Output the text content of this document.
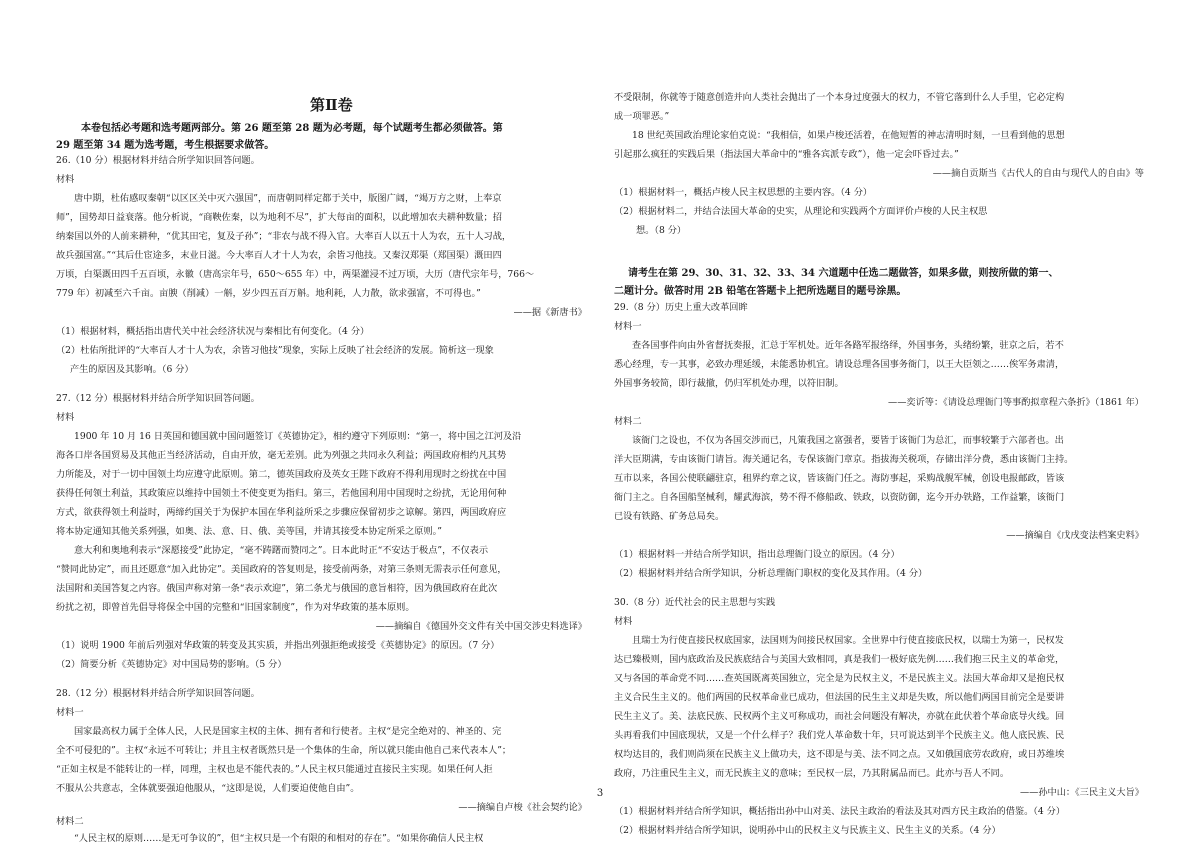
第Ⅱ卷
本卷包括必考题和选考题两部分。第 26 题至第 28 题为必考题，每个试题考生都必须做答。第
29 题至第 34 题为选考题，考生根据要求做答。
26.（10 分）根据材料并结合所学知识回答问题。
材料
唐中期，杜佑感叹秦朝“以区区关中灭六强国”，而唐朝同样定都于关中，版图广阔，“竭万方之财，上奉京
师”，国势却日益衰落。他分析说，“商鞅佐秦，以为地利不尽”，扩大每亩的面积，以此增加农夫耕种数量；招
纳秦国以外的人前来耕种，“优其田宅，复及子孙”；“非农与战不得入官。大率百人以五十人为农，五十人习战，
故兵强国富。”“其后仕宦途多，末业日滋。今大率百人才十人为农，余皆习他技。又秦汉郑渠（郑国渠）溉田四
万顷，白渠溉田四千五百顷，永徽（唐高宗年号，650～655 年）中，两渠灌浸不过万顷，大历（唐代宗年号，766～
779 年）初减至六千亩。亩腴（削减）一斛，岁少四五百万斛。地利耗，人力散，欲求强富，不可得也。”
——据《新唐书》
（1）根据材料，概括指出唐代关中社会经济状况与秦相比有何变化。（4 分）
（2）杜佑所批评的“大率百人才十人为农，余皆习他技”现象，实际上反映了社会经济的发展。简析这一现象
产生的原因及其影响。（6 分）
27.（12 分）根据材料并结合所学知识回答问题。
材料
1900 年 10 月 16 日英国和德国就中国问题签订《英德协定》，相约遵守下列原则：“第一，将中国之江河及沿
海各口岸各国贸易及其他正当经济活动，自由开放，毫无差别。此为列强之共同永久利益；两国政府相约凡其势
力所能及，对于一切中国领土均应遵守此原则。第二，德英国政府及英女王陛下政府不得利用现时之纷扰在中国
获得任何领土利益，其政策应以维持中国领土不使变更为指归。第三，若他国利用中国现时之纷扰，无论用何种
方式，欲获得领土利益时，两缔约国关于为保护本国在华利益所采之步骤应保留初步之谅解。第四，两国政府应
将本协定通知其他关系列强，如奥、法、意、日、俄、美等国，并请其接受本协定所采之原则。”
意大利和奥地利表示“深愿接受”此协定，“毫不踌躇而赞同之”。日本此时正“不安达于极点”，不仅表示
“赞同此协定”，而且还愿意“加入此协定”。美国政府的答复则是，接受前两条，对第三条则无需表示任何意见，
法国附和美国答复之内容。俄国声称对第一条“表示欢迎”，第二条尤与俄国的意旨相符，因为俄国政府在此次
纷扰之初，即曾首先倡导将保全中国的完整和“旧国家制度”，作为对华政策的基本原则。
——摘编自《德国外交文件有关中国交涉史料选译》
（1）说明 1900 年前后列强对华政策的转变及其实质，并指出列强拒绝或接受《英德协定》的原因。（7 分）
（2）简要分析《英德协定》对中国局势的影响。（5 分）
28.（12 分）根据材料并结合所学知识回答问题。
材料一
国家最高权力属于全体人民，人民是国家主权的主体、拥有者和行使者。主权“是完全绝对的、神圣的、完
全不可侵犯的”。主权“永远不可转让；并且主权者既然只是一个集体的生命，所以就只能由他自己来代表本人”；
“正如主权是不能转让的一样，同理，主权也是不能代表的。”人民主权只能通过直接民主实现。如果任何人拒
不服从公共意志，全体就要强迫他服从，“这即是说，人们要迫使他自由”。
——摘编自卢梭《社会契约论》
材料二
“人民主权的原则……是无可争议的”，但“主权只是一个有限的和相对的存在”。“如果你确信人民主权
不受限制，你就等于随意创造并向人类社会抛出了一个本身过度强大的权力，不管它落到什么人手里，它必定构
成一项罪恶。”
18 世纪英国政治理论家伯克说：“我相信，如果卢梭还活着，在他短暂的神志清明时刻，一旦看到他的思想
引起那么疯狂的实践后果（指法国大革命中的“雅各宾派专政”），他一定会吓昏过去。”
——摘自贡斯当《古代人的自由与现代人的自由》等
（1）根据材料一，概括卢梭人民主权思想的主要内容。（4 分）
（2）根据材料二，并结合法国大革命的史实，从理论和实践两个方面评价卢梭的人民主权思
想。（8 分）
请考生在第 29、30、31、32、33、34 六道题中任选二题做答，如果多做，则按所做的第一、
二题计分。做答时用 2B 铅笔在答题卡上把所选题目的题号涂黑。
29.（8 分）历史上重大改革回眸
材料一
查各国事件向由外省督抚奏报，汇总于军机处。近年各路军报络绎，外国事务，头绪纷繁，驻京之后，若不
悉心经理，专一其事，必致办理延缓，未能悉协机宜。请设总理各国事务衙门，以王大臣领之……俟军务肃清，
外国事务较简，即行裁撤，仍归军机处办理，以符旧制。
——奕䜣等：《请设总理衙门等事酌拟章程六条折》（1861 年）
材料二
该衙门之设也，不仅为各国交涉而已，凡策我国之富强者，要皆于该衙门为总汇，而事较繁于六部者也。出
洋大臣期满，专由该衙门请旨。海关通记名，专保该衙门章京。指拔海关税项，存储出洋分费，悉由该衙门主持。
互市以来，各国公使联翩驻京，租界约章之议，皆该衙门任之。海防事起，采购战舰军械，创设电报邮政，皆该
衙门主之。自各国船坚械利，耀武海滨，势不得不修船政、铁政，以资防御，迄今开办铁路，工作益繁，该衙门
已设有铁路、矿务总局矣。
——摘编自《戊戌变法档案史料》
（1）根据材料一并结合所学知识，指出总理衙门设立的原因。（4 分）
（2）根据材料并结合所学知识，分析总理衙门职权的变化及其作用。（4 分）
30.（8 分）近代社会的民主思想与实践
材料
且瑞士为行使直接民权底国家，法国则为间接民权国家。全世界中行使直接底民权，以瑞士为第一，民权发
达已臻极则，国内底政治及民族底结合与美国大致相同，真是我们一极好底先例……我们抱三民主义的革命党，
又与各国的革命党不同……查英国既离英国独立，完全是为民权主义，不是民族主义。法国大革命却又是抱民权
主义合民生主义的。他们两国的民权革命业已成功，但法国的民生主义却是失败，所以他们两国目前完全是要讲
民生主义了。美、法底民族、民权两个主义可称成功，而社会问题没有解决，亦就在此伏着个革命底导火线。回
头再看我们中国底现状，又是一个什么样子？我们党人革命数十年，只可说达到半个民族主义。他人底民族、民
权均达目的，我们则尚须在民族主义上做功夫，这不即是与美、法不同之点。又如俄国底劳农政府，或日苏维埃
政府，乃注重民生主义，而无民族主义的意味；至民权一层，乃其附属品而已。此亦与吾人不同。
——孙中山：《三民主义大旨》
（1）根据材料并结合所学知识，概括指出孙中山对美、法民主政治的看法及其对西方民主政治的借鉴。（4 分）
（2）根据材料并结合所学知识，说明孙中山的民权主义与民族主义、民生主义的关系。（4 分）
3
